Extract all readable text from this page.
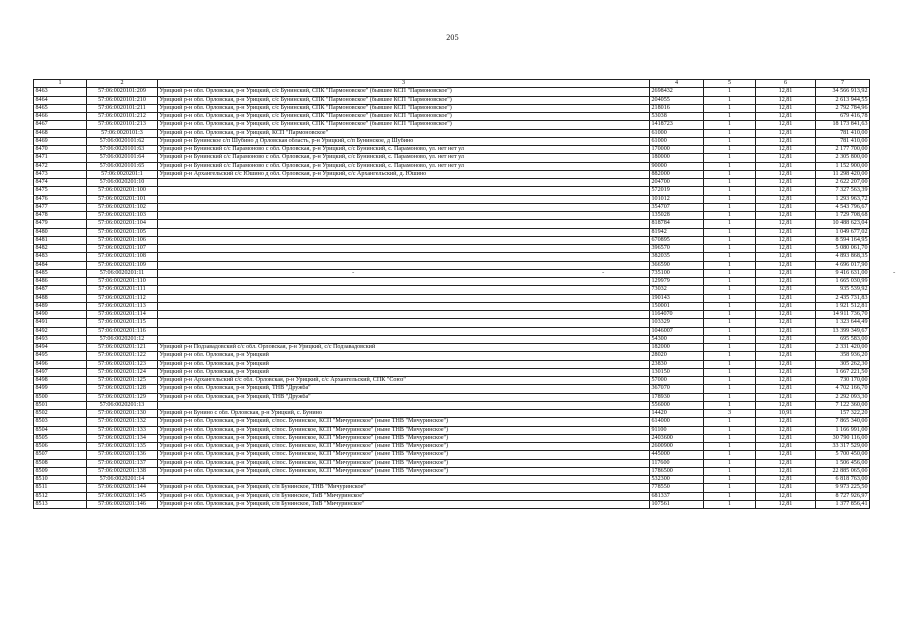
205
-
-	-
1	2	3	4	5	6	7
8463	57:06:0020101:209	Урицкий р-н обл. Орловская, р-н Урицкий, с/с Бунинский, СПК "Пармоновское" (бывшее КСП "Пармоновское")	2698432	1	12,81	34 566 913,92
8464	57:06:0020101:210	Урицкий р-н обл. Орловская, р-н Урицкий, с/с Бунинский, СПК "Пармоновское" (бывшее КСП "Пармоновское")	204055	1	12,81	2 613 944,55
8465	57:06:0020101:211	Урицкий р-н обл. Орловская, р-н Урицкий, с/с Бунинский, СПК "Пармоновское" (бывшее КСП "Пармоновское")	218016	1	12,81	2 792 784,96
8466	57:06:0020101:212	Урицкий р-н обл. Орловская, р-н Урицкий, с/с Бунинский, СПК "Пармоновское" (бывшее КСП "Пармоновское")	53038	1	12,81	679 416,78
8467	57:06:0020101:213	Урицкий р-н обл. Орловская, р-н Урицкий, с/с Бунинский, СПК "Пармоновское" (бывшее КСП "Пармоновское")	1418723	1	12,81	18 173 841,63
8468	57:06:0020101:3	Урицкий р-н обл. Орловская, р-н Урицкий, КСП "Пармоновское"	61000	1	12,81	781 410,00
8469	57:06:0020101:62	Урицкий р-н Бунинское с/п Шубино д Орловская область, р-н Урицкий, с/п Бунинское, д Шубино	61000	1	12,81	781 410,00
8470	57:06:0020101:63	Урицкий р-н Бунинский с/с Парамоново с обл. Орловская, р-н Урицкий, с/с Бунинский, с. Парамоново, ул. нет нет ул	170000	1	12,81	2 177 700,00
8471	57:06:0020101:64	Урицкий р-н Бунинский с/с Парамоново с обл. Орловская, р-н Урицкий, с/с Бунинский, с. Парамоново, ул. нет нет ул	180000	1	12,81	2 305 800,00
8472	57:06:0020101:65	Урицкий р-н Бунинский с/с Парамоново с обл. Орловская, р-н Урицкий, с/с Бунинский, с. Парамоново, ул. нет нет ул	90000	1	12,81	1 152 900,00
8473	57:06:0020201:1	Урицкий р-н Архангельский с/с Юшино д обл. Орловская, р-н Урицкий, с/с Архангельский, д. Юшино	882000	1	12,81	11 298 420,00
8474	57:06:0020201:10		204700	1	12,81	2 622 207,00
8475	57:06:0020201:100		572019	1	12,81	7 327 563,39
8476	57:06:0020201:101		101012	1	12,81	1 293 963,72
8477	57:06:0020201:102		354707	1	12,81	4 543 796,67
8478	57:06:0020201:103		135028	1	12,81	1 729 708,68
8479	57:06:0020201:104		818784	1	12,81	10 488 623,04
8480	57:06:0020201:105		81942	1	12,81	1 049 677,02
8481	57:06:0020201:106		670895	1	12,81	8 594 164,95
8482	57:06:0020201:107		396570	1	12,81	5 080 061,70
8483	57:06:0020201:108		382035	1	12,81	4 893 868,35
8484	57:06:0020201:109		366590	1	12,81	4 696 017,90
8485	57:06:0020201:11		735100	1	12,81	9 416 631,00
8486	57:06:0020201:110		129979	1	12,81	1 665 030,99
8487	57:06:0020201:111		73032	1	12,81	935 539,92
8488	57:06:0020201:112		190143	1	12,81	2 435 731,83
8489	57:06:0020201:113		150001	1	12,81	1 921 512,81
8490	57:06:0020201:114		1164070	1	12,81	14 911 736,70
8491	57:06:0020201:115		103329	1	12,81	1 323 644,49
8492	57:06:0020201:116		1046007	1	12,81	13 399 349,67
8493	57:06:0020201:12		54300	1	12,81	695 583,00
8494	57:06:0020201:121	Урицкий р-н Подзавадовский с/с обл. Орловская, р-н Урицкий, с/с Подзавадовский	182000	1	12,81	2 331 420,00
8495	57:06:0020201:122	Урицкий р-н обл. Орловская, р-н Урицкий	28020	1	12,81	358 936,20
8496	57:06:0020201:123	Урицкий р-н обл. Орловская, р-н Урицкий	23830	1	12,81	305 262,30
8497	57:06:0020201:124	Урицкий р-н обл. Орловская, р-н Урицкий	130150	1	12,81	1 667 221,50
8498	57:06:0020201:125	Урицкий р-н Архангельский с/с обл. Орловская, р-н Урицкий, с/с Архангельский, СПК "Союз"	57000	1	12,81	730 170,00
8499	57:06:0020201:128	Урицкий р-н обл. Орловская, р-н Урицкий, ТНВ "Дружба"	367070	1	12,81	4 702 166,70
8500	57:06:0020201:129	Урицкий р-н обл. Орловская, р-н Урицкий, ТНВ "Дружба"	178930	1	12,81	2 292 093,30
8501	57:06:0020201:13		556000	1	12,81	7 122 360,00
8502	57:06:0020201:130	Урицкий р-н Бунино с обл. Орловская, р-н Урицкий, с. Бунино	14420	3	10,91	157 322,20
8503	57:06:0020201:132	Урицкий р-н обл. Орловская, р-н Урицкий, с/пос. Бунинское, КСП "Мичуринское" (ныне ТНВ "Мичуринское")	614000	1	12,81	7 865 340,00
8504	57:06:0020201:133	Урицкий р-н обл. Орловская, р-н Урицкий, с/пос. Бунинское, КСП "Мичуринское" (ныне ТНВ "Мичуринское")	91100	1	12,81	1 166 991,00
8505	57:06:0020201:134	Урицкий р-н обл. Орловская, р-н Урицкий, с/пос. Бунинское, КСП "Мичуринское" (ныне ТНВ "Мичуринское")	2403600	1	12,81	30 790 116,00
8506	57:06:0020201:135	Урицкий р-н обл. Орловская, р-н Урицкий, с/пос. Бунинское, КСП "Мичуринское" (ныне ТНВ "Мичуринское")	2600900	1	12,81	33 317 529,00
8507	57:06:0020201:136	Урицкий р-н обл. Орловская, р-н Урицкий, с/пос. Бунинское, КСП "Мичуринское" (ныне ТНВ "Мичуринское")	445000	1	12,81	5 700 450,00
8508	57:06:0020201:137	Урицкий р-н обл. Орловская, р-н Урицкий, с/пос. Бунинское, КСП "Мичуринское" (ныне ТНВ "Мичуринское")	117600	1	12,81	1 506 456,00
8509	57:06:0020201:138	Урицкий р-н обл. Орловская, р-н Урицкий, с/пос. Бунинское, КСП "Мичуринское" (ныне ТНВ "Мичуринское")	1786500	1	12,81	22 885 065,00
8510	57:06:0020201:14		532300	1	12,81	6 818 763,00
8511	57:06:0020201:144	Урицкий р-н обл. Орловская, р-н Урицкий, с/п Бунинское, ТНВ "Мичуринское"	778550	1	12,81	9 973 225,50
8512	57:06:0020201:145	Урицкий р-н обл. Орловская, р-н Урицкий, с/п Бунинское, ТиВ "Мичуринское"	681337	1	12,81	8 727 926,97
8513	57:06:0020201:146	Урицкий р-н обл. Орловская, р-н Урицкий, с/п Бунинское, ТиВ "Мичуринское"	107561	1	12,81	1 377 856,41
